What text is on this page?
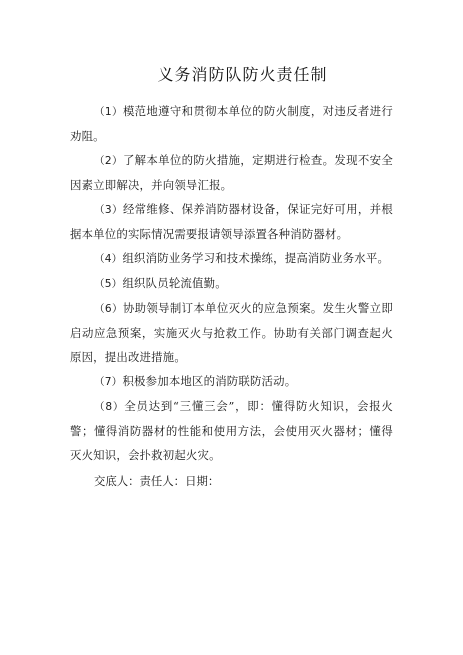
义务消防队防火责任制

（1）模范地遵守和贯彻本单位的防火制度，对违反者进行劝阻。

（2）了解本单位的防火措施，定期进行检查。发现不安全因素立即解决，并向领导汇报。

（3）经常维修、保养消防器材设备，保证完好可用，并根据本单位的实际情况需要报请领导添置各种消防器材。

（4）组织消防业务学习和技术操练，提高消防业务水平。

（5）组织队员轮流值勤。

（6）协助领导制订本单位灭火的应急预案。发生火警立即启动应急预案，实施灭火与抢救工作。协助有关部门调查起火原因，提出改进措施。

（7）积极参加本地区的消防联防活动。

（8）全员达到“三懂三会”，即：懂得防火知识，会报火警；懂得消防器材的性能和使用方法，会使用灭火器材；懂得灭火知识，会扑救初起火灾。

交底人：责任人：日期：
